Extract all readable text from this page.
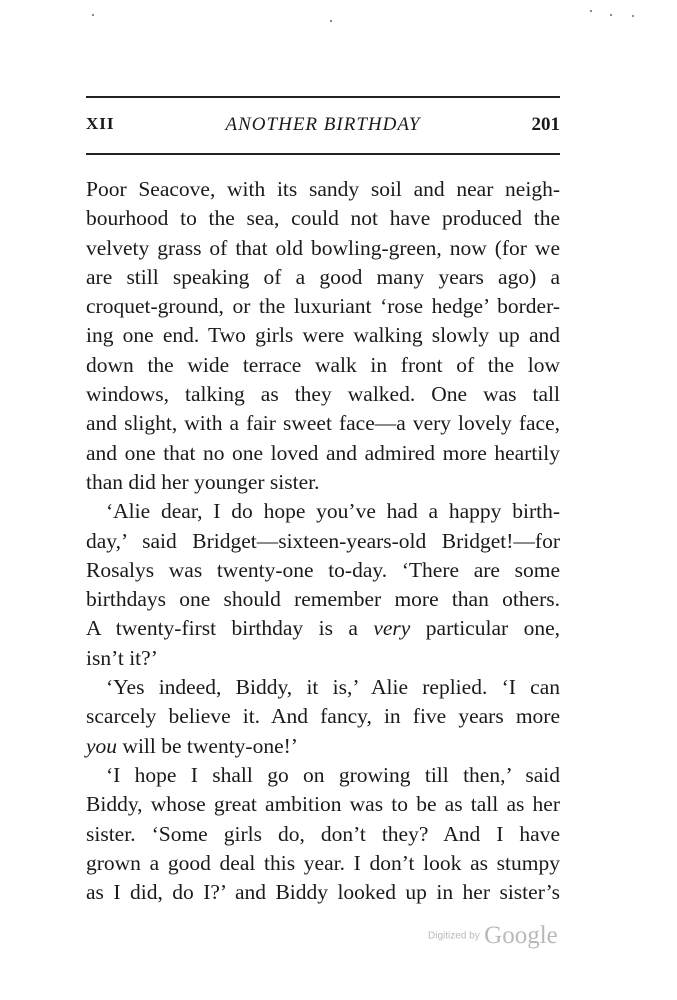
XII	ANOTHER BIRTHDAY	201
Poor Seacove, with its sandy soil and near neigh-
bourhood to the sea, could not have produced the
velvety grass of that old bowling-green, now (for we
are still speaking of a good many years ago) a
croquet-ground, or the luxuriant ‘rose hedge’ border-
ing one end. Two girls were walking slowly up and
down the wide terrace walk in front of the low
windows, talking as they walked. One was tall
and slight, with a fair sweet face—a very lovely face,
and one that no one loved and admired more heartily
than did her younger sister.
‘Alie dear, I do hope you’ve had a happy birth-
day,’ said Bridget—sixteen-years-old Bridget!—for
Rosalys was twenty-one to-day. ‘There are some
birthdays one should remember more than others.
A twenty-first birthday is a very particular one,
isn’t it?’
‘Yes indeed, Biddy, it is,’ Alie replied. ‘I can
scarcely believe it. And fancy, in five years more
you will be twenty-one!’
‘I hope I shall go on growing till then,’ said
Biddy, whose great ambition was to be as tall as her
sister. ‘Some girls do, don’t they? And I have
grown a good deal this year. I don’t look as stumpy
as I did, do I?’ and Biddy looked up in her sister’s
Digitized by Google
